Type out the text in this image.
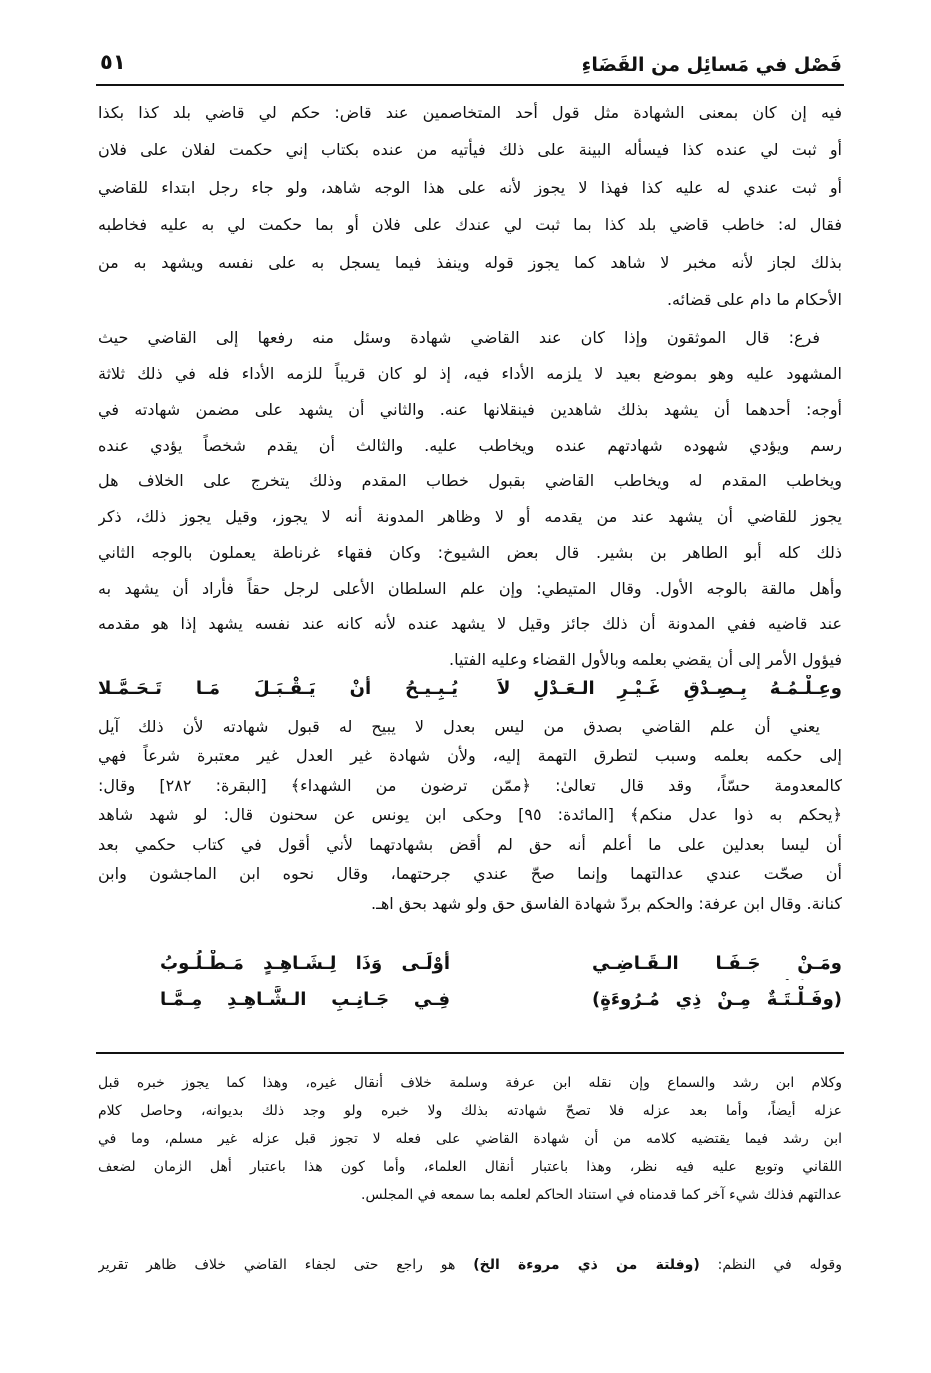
فَصْل في مَسائِل من القَضَاءِ
٥١
فيه إن كان بمعنى الشهادة مثل قول أحد المتخاصمين عند قاض: حكم لي قاضي بلد كذا بكذا
أو ثبت لي عنده كذا فيسأله البينة على ذلك فيأتيه من عنده بكتاب إني حكمت لفلان على فلان
أو ثبت عندي له عليه كذا فهذا لا يجوز لأنه على هذا الوجه شاهد، ولو جاء رجل ابتداء للقاضي
فقال له: خاطب قاضي بلد كذا بما ثبت لي عندك على فلان أو بما حكمت لي به عليه فخاطبه
بذلك لجاز لأنه مخبر لا شاهد كما يجوز قوله وينفذ فيما يسجل به على نفسه ويشهد به من
الأحكام ما دام على قضائه.
فرع: قال الموثقون وإذا كان عند القاضي شهادة وسئل منه رفعها إلى القاضي حيث
المشهود عليه وهو بموضع بعيد لا يلزمه الأداء فيه، إذ لو كان قريباً للزمه الأداء فله في ذلك ثلاثة
أوجه: أحدهما أن يشهد بذلك شاهدين فينقلانها عنه. والثاني أن يشهد على مضمن شهادته في
رسم ويؤدي شهوده شهادتهم عنده ويخاطب عليه. والثالث أن يقدم شخصاً يؤدي عنده
ويخاطب المقدم له ويخاطب القاضي بقبول خطاب المقدم وذلك يتخرج على الخلاف هل
يجوز للقاضي أن يشهد عند من يقدمه أو لا وظاهر المدونة أنه لا يجوز، وقيل يجوز ذلك، ذكر
ذلك كله أبو الطاهر بن بشير. قال بعض الشيوخ: وكان فقهاء غرناطة يعملون بالوجه الثاني
وأهل مالقة بالوجه الأول. وقال المتيطي: وإن علم السلطان الأعلى لرجل حقاً فأراد أن يشهد به
عند قاضيه ففي المدونة أن ذلك جائز وقيل لا يشهد عنده لأنه كانه عند نفسه يشهد إذا هو مقدمه
فيؤول الأمر إلى أن يقضي بعلمه وبالأول القضاء وعليه الفتيا.
وعِـلْـمُـهُ بِـصِـدْقِ غَـيْـرِ الـعَـدْلِ لاَ
يُـبِـيـحُ أنْ يَـقْـبَـلَ مَـا تَـحَـمَّـلا
يعني أن علم القاضي بصدق من ليس بعدل لا يبيح له قبول شهادته لأن ذلك آيل
إلى حكمه بعلمه وسبب لتطرق التهمة إليه، ولأن شهادة غير العدل غير معتبرة شرعاً فهي
كالمعدومة حسّاً، وقد قال تعالىٰ: ﴿ممّن ترضون من الشهداء﴾ [البقرة: ٢٨٢] وقال:
﴿يحكم به ذوا عدل منكم﴾ [المائدة: ٩٥] وحكى ابن يونس عن سحنون قال: لو شهد شاهد
أن ليسا بعدلين على ما أعلم أنه حق لم أقض بشهادتهما لأني أقول في كتاب حكمي بعد
أن صحّت عندي عدالتهما وإنما صحّ عندي جرحتهما، وقال نحوه ابن الماجشون وابن
كنانة. وقال ابن عرفة: والحكم بردّ شهادة الفاسق حق ولو شهد بحق اهـ.
ومَـنْ جَـفَـا الـقَـاضِـي
أوْلَـى وَذَا لِـشَـاهِـدٍ مَـطْـلُـوبُ
(وفَـلْـتَـةٌ مِـنْ ذِي مُـرُوءَةٍ)
فِـي جَـانِـبِ الـشَّـاهِـدِ مِـمَّـا
وكلام ابن رشد والسماع وإن نقله ابن عرفة وسلمة خلاف أنقال غيره، وهذا كما يجوز خبره قبل
عزله أيضاً، وأما بعد عزله فلا تصحّ شهادته بذلك ولا خبره ولو وجد ذلك بديوانه، وحاصل كلام
ابن رشد فيما يقتضيه كلامه من أن شهادة القاضي على فعله لا تجوز قبل عزله غير مسلم، وما في
اللقاني وتوبع عليه فيه نظر، وهذا باعتبار أنقال العلماء، وأما كون هذا باعتبار أهل الزمان لضعف
عدالتهم فذلك شيء آخر كما قدمناه في استناد الحاكم لعلمه بما سمعه في المجلس.
وقوله في النظم: (وفلتة من ذي مروءة الخ) هو راجع حتى لجفاء القاضي خلاف ظاهر تقرير
